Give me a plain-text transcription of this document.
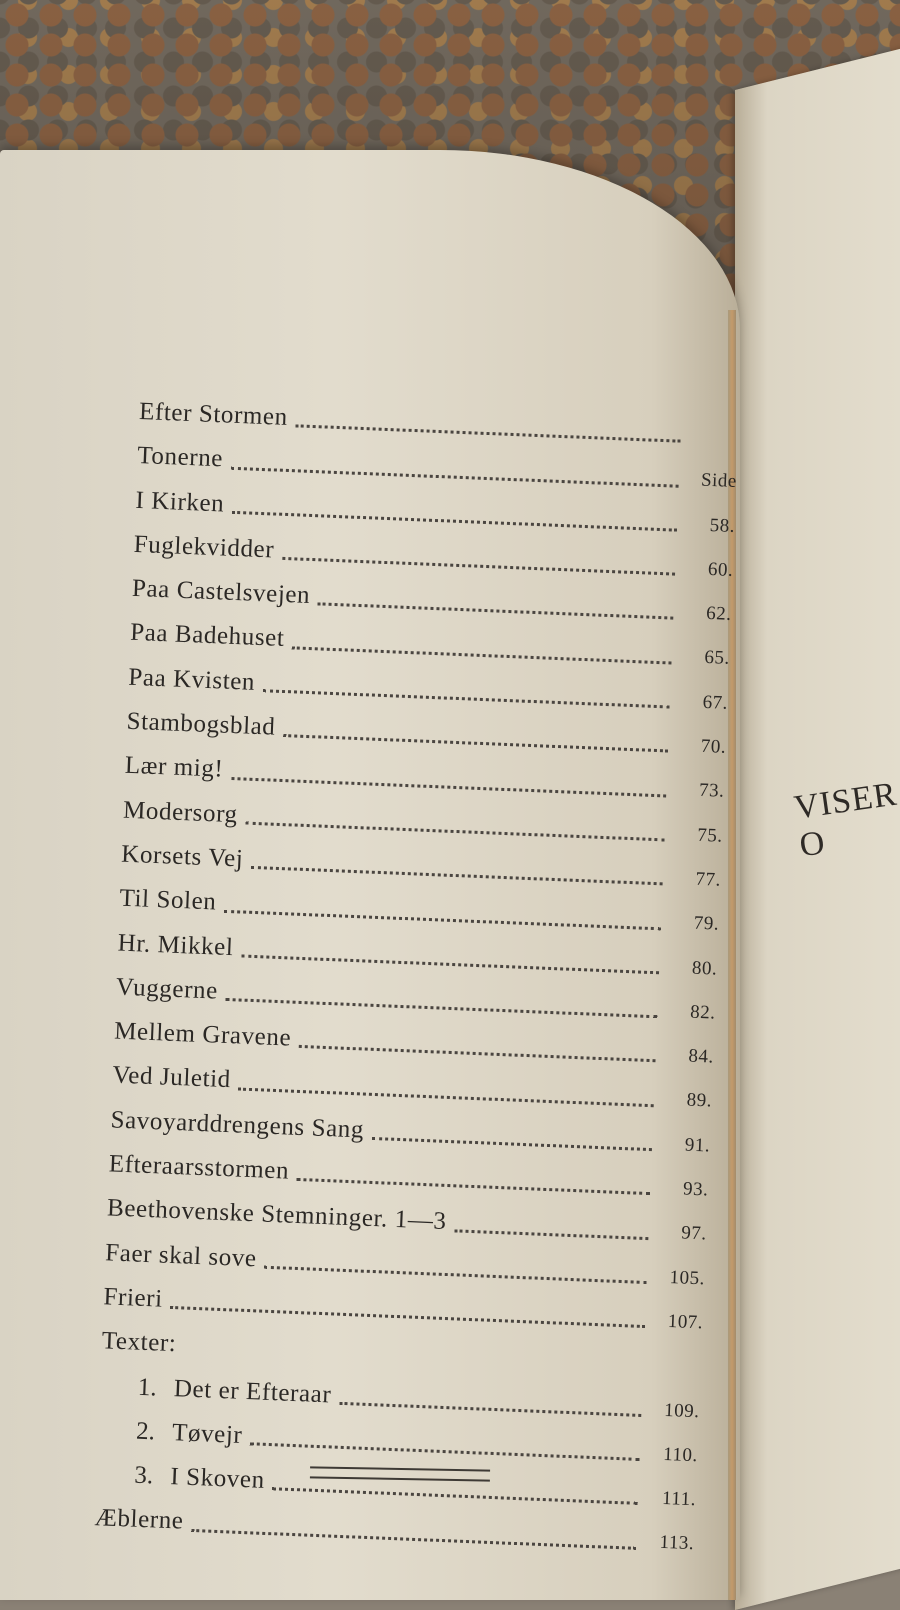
VISER O
Efter Stormen
Tonerne
Side
I Kirken
58.
Fuglekvidder
60.
Paa Castelsvejen
62.
Paa Badehuset
65.
Paa Kvisten
67.
Stambogsblad
70.
Lær mig!
73.
Modersorg
75.
Korsets Vej
77.
Til Solen
79.
Hr. Mikkel
80.
Vuggerne
82.
Mellem Gravene
84.
Ved Juletid
89.
Savoyarddrengens Sang
91.
Efteraarsstormen
93.
Beethovenske Stemninger. 1—3	97.
Faer skal sove
105.
Frieri
107.
Texter:
1. Det er Efteraar
109.
2. Tøvejr
110.
3. I Skoven
111.
Æblerne
113.
